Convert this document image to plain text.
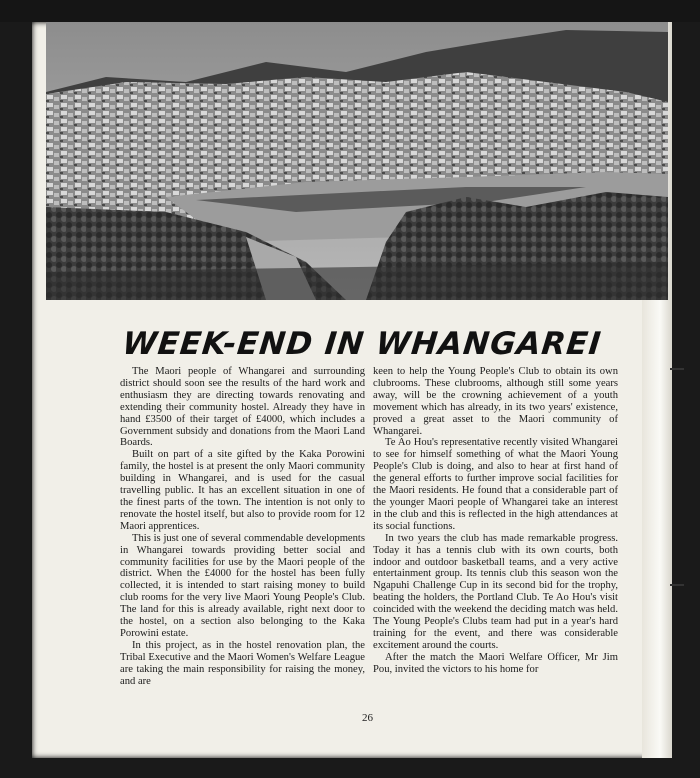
WEEK-END IN WHANGAREI

The Maori people of Whangarei and surrounding district should soon see the results of the hard work and enthusiasm they are directing towards renovating and extending their community hostel. Already they have in hand £3500 of their target of £4000, which includes a Government subsidy and donations from the Maori Land Boards.

Built on part of a site gifted by the Kaka Porowini family, the hostel is at present the only Maori community building in Whangarei, and is used for the casual travelling public. It has an excellent situation in one of the finest parts of the town. The intention is not only to renovate the hostel itself, but also to provide room for 12 Maori apprentices.

This is just one of several commendable developments in Whangarei towards providing better social and community facilities for use by the Maori people of the district. When the £4000 for the hostel has been fully collected, it is intended to start raising money to build club rooms for the very live Maori Young People's Club. The land for this is already available, right next door to the hostel, on a section also belonging to the Kaka Porowini estate.

In this project, as in the hostel renovation plan, the Tribal Executive and the Maori Women's Welfare League are taking the main responsibility for raising the money, and are

keen to help the Young People's Club to obtain its own clubrooms. These clubrooms, although still some years away, will be the crowning achievement of a youth movement which has already, in its two years' existence, proved a great asset to the Maori community of Whangarei.

Te Ao Hou's representative recently visited Whangarei to see for himself something of what the Maori Young People's Club is doing, and also to hear at first hand of the general efforts to further improve social facilities for the Maori residents. He found that a considerable part of the younger Maori people of Whangarei take an interest in the club and this is reflected in the high attendances at its social functions.

In two years the club has made remarkable progress. Today it has a tennis club with its own courts, both indoor and outdoor basketball teams, and a very active entertainment group. Its tennis club this season won the Ngapuhi Challenge Cup in its second bid for the trophy, beating the holders, the Portland Club. Te Ao Hou's visit coincided with the weekend the deciding match was held. The Young People's Clubs team had put in a year's hard training for the event, and there was considerable excitement around the courts.

After the match the Maori Welfare Officer, Mr Jim Pou, invited the victors to his home for

26
